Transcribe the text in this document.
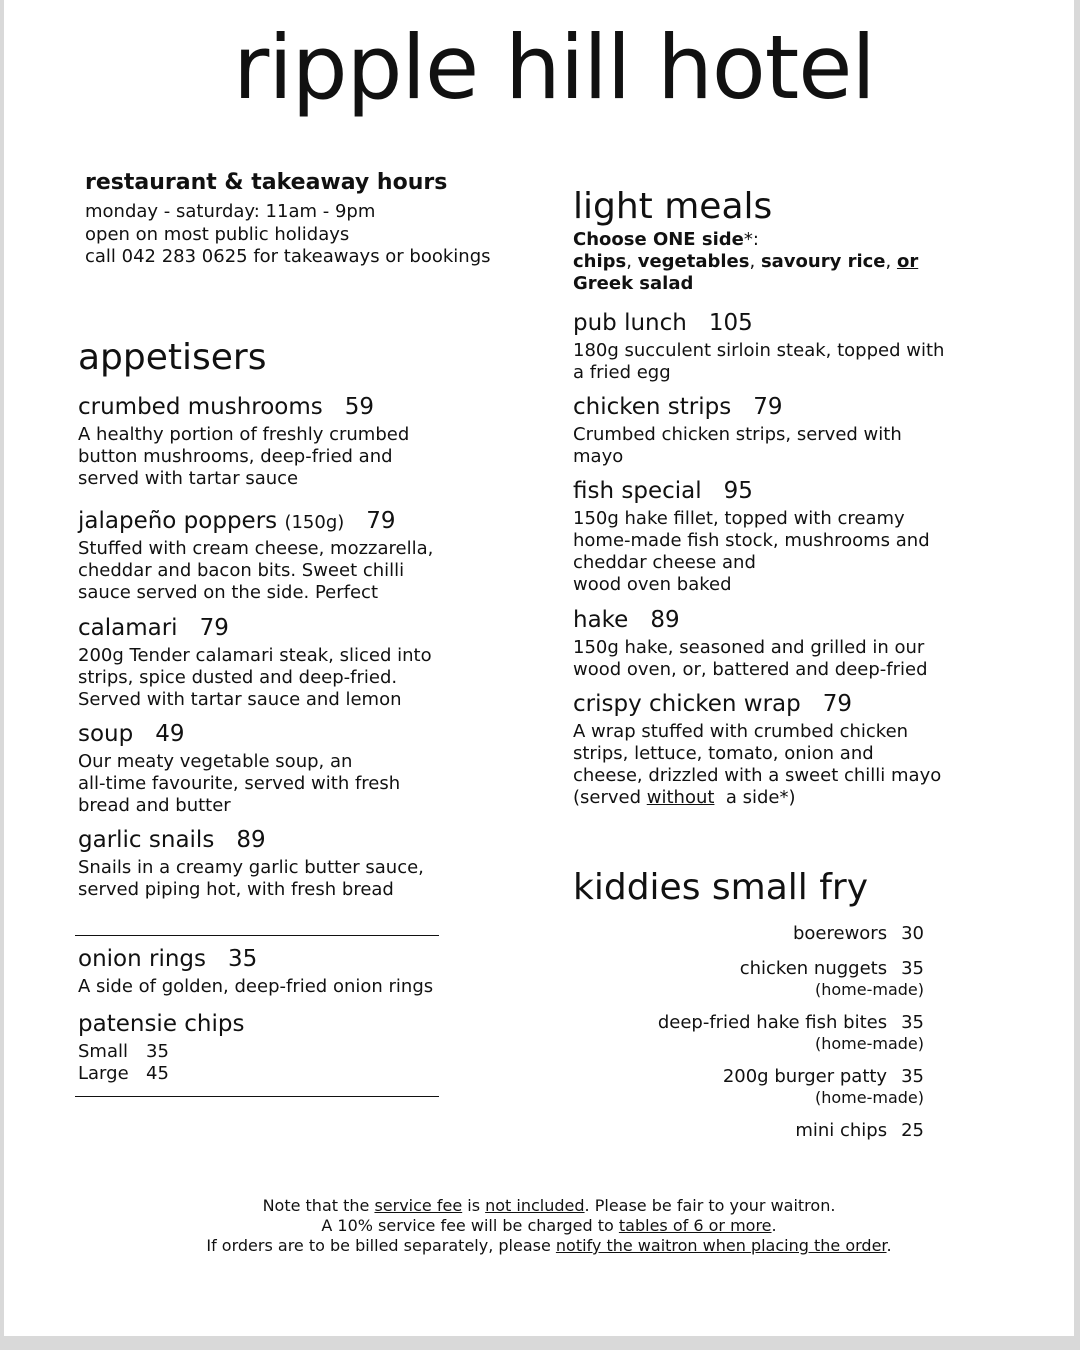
ripple hill hotel
restaurant & takeaway hours
monday - saturday: 11am - 9pm
open on most public holidays
call 042 283 0625 for takeaways or bookings
appetisers
crumbed mushrooms 59
A healthy portion of freshly crumbed
button mushrooms, deep-fried and
served with tartar sauce
jalapeño poppers (150g) 79
Stuffed with cream cheese, mozzarella,
cheddar and bacon bits. Sweet chilli
sauce served on the side. Perfect
calamari 79
200g Tender calamari steak, sliced into
strips, spice dusted and deep-fried.
Served with tartar sauce and lemon
soup 49
Our meaty vegetable soup, an
all-time favourite, served with fresh
bread and butter
garlic snails 89
Snails in a creamy garlic butter sauce,
served piping hot, with fresh bread
onion rings 35
A side of golden, deep-fried onion rings
patensie chips
Small 35
Large 45
light meals
Choose ONE side*:
chips, vegetables, savoury rice, or
Greek salad
pub lunch 105
180g succulent sirloin steak, topped with
a fried egg
chicken strips 79
Crumbed chicken strips, served with
mayo
fish special 95
150g hake fillet, topped with creamy
home-made fish stock, mushrooms and
cheddar cheese and
wood oven baked
hake 89
150g hake, seasoned and grilled in our
wood oven, or, battered and deep-fried
crispy chicken wrap 79
A wrap stuffed with crumbed chicken
strips, lettuce, tomato, onion and
cheese, drizzled with a sweet chilli mayo
(served without  a side*)
kiddies small fry
boerewors 30
chicken nuggets 35
(home-made)
deep-fried hake fish bites 35
(home-made)
200g burger patty 35
(home-made)
mini chips 25
Note that the service fee is not included. Please be fair to your waitron.
A 10% service fee will be charged to tables of 6 or more.
If orders are to be billed separately, please notify the waitron when placing the order.
